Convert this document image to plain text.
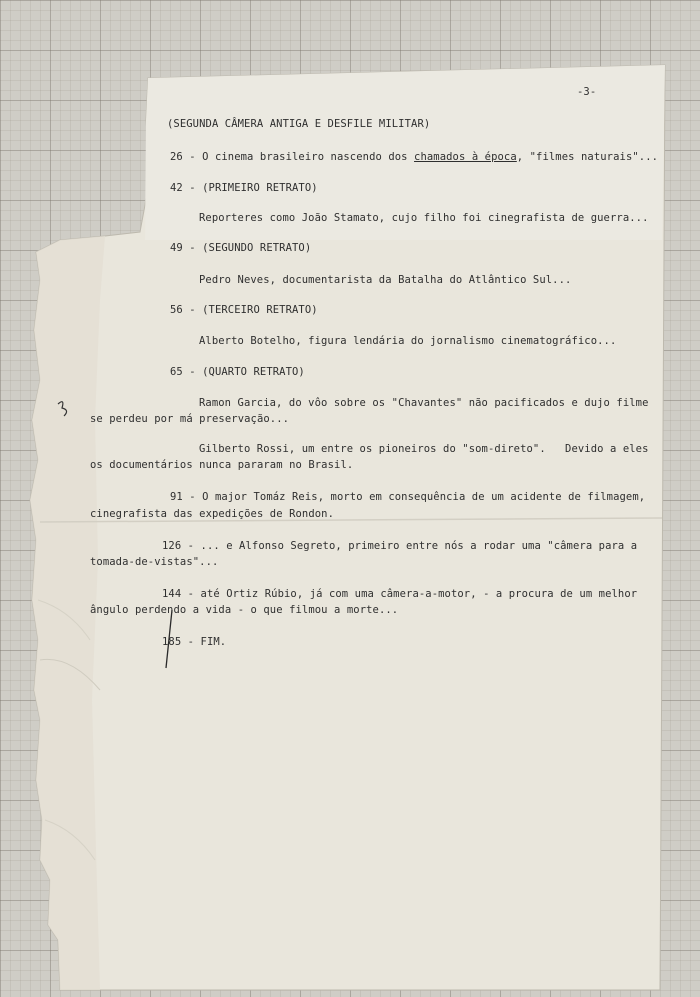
-3-
(SEGUNDA CÂMERA ANTIGA E DESFILE MILITAR)
26 - O cinema brasileiro nascendo dos chamados à época, "filmes naturais"...
42 - (PRIMEIRO RETRATO)
Reporteres como João Stamato, cujo filho foi cinegrafista de guerra...
49 - (SEGUNDO RETRATO)
Pedro Neves, documentarista da Batalha do Atlântico Sul...
56 - (TERCEIRO RETRATO)
Alberto Botelho, figura lendária do jornalismo cinematográfico...
65 - (QUARTO RETRATO)
Ramon Garcia, do vôo sobre os "Chavantes" não pacificados e dujo filme
se perdeu por má preservação...
Gilberto Rossi, um entre os pioneiros do "som-direto".   Devido a eles
os documentários nunca pararam no Brasil.
91 - O major Tomáz Reis, morto em consequência de um acidente de filmagem,
cinegrafista das expedições de Rondon.
126 - ... e Alfonso Segreto, primeiro entre nós a rodar uma "câmera para a
tomada-de-vistas"...
144 - até Ortiz Rúbio, já com uma câmera-a-motor, - a procura de um melhor
ângulo perdendo a vida - o que filmou a morte...
185 - FIM.
